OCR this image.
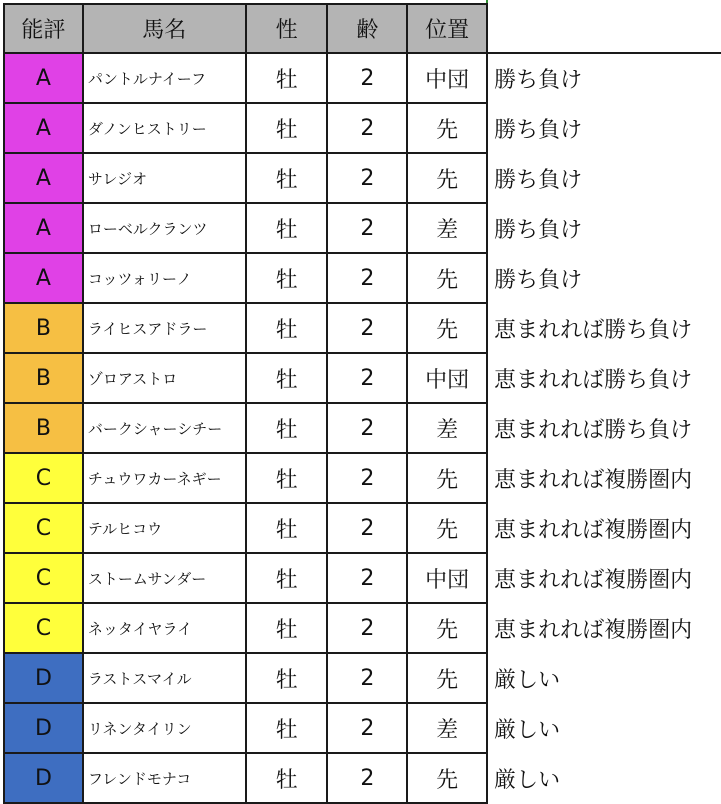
能評	馬名	性	齢	位置	
A	パントルナイーフ	牡	2	中団	勝ち負け
A	ダノンヒストリー	牡	2	先	勝ち負け
A	サレジオ	牡	2	先	勝ち負け
A	ローベルクランツ	牡	2	差	勝ち負け
A	コッツォリーノ	牡	2	先	勝ち負け
B	ライヒスアドラー	牡	2	先	恵まれれば勝ち負け
B	ゾロアストロ	牡	2	中団	恵まれれば勝ち負け
B	バークシャーシチー	牡	2	差	恵まれれば勝ち負け
C	チュウワカーネギー	牡	2	先	恵まれれば複勝圏内
C	テルヒコウ	牡	2	先	恵まれれば複勝圏内
C	ストームサンダー	牡	2	中団	恵まれれば複勝圏内
C	ネッタイヤライ	牡	2	先	恵まれれば複勝圏内
D	ラストスマイル	牡	2	先	厳しい
D	リネンタイリン	牡	2	差	厳しい
D	フレンドモナコ	牡	2	先	厳しい
